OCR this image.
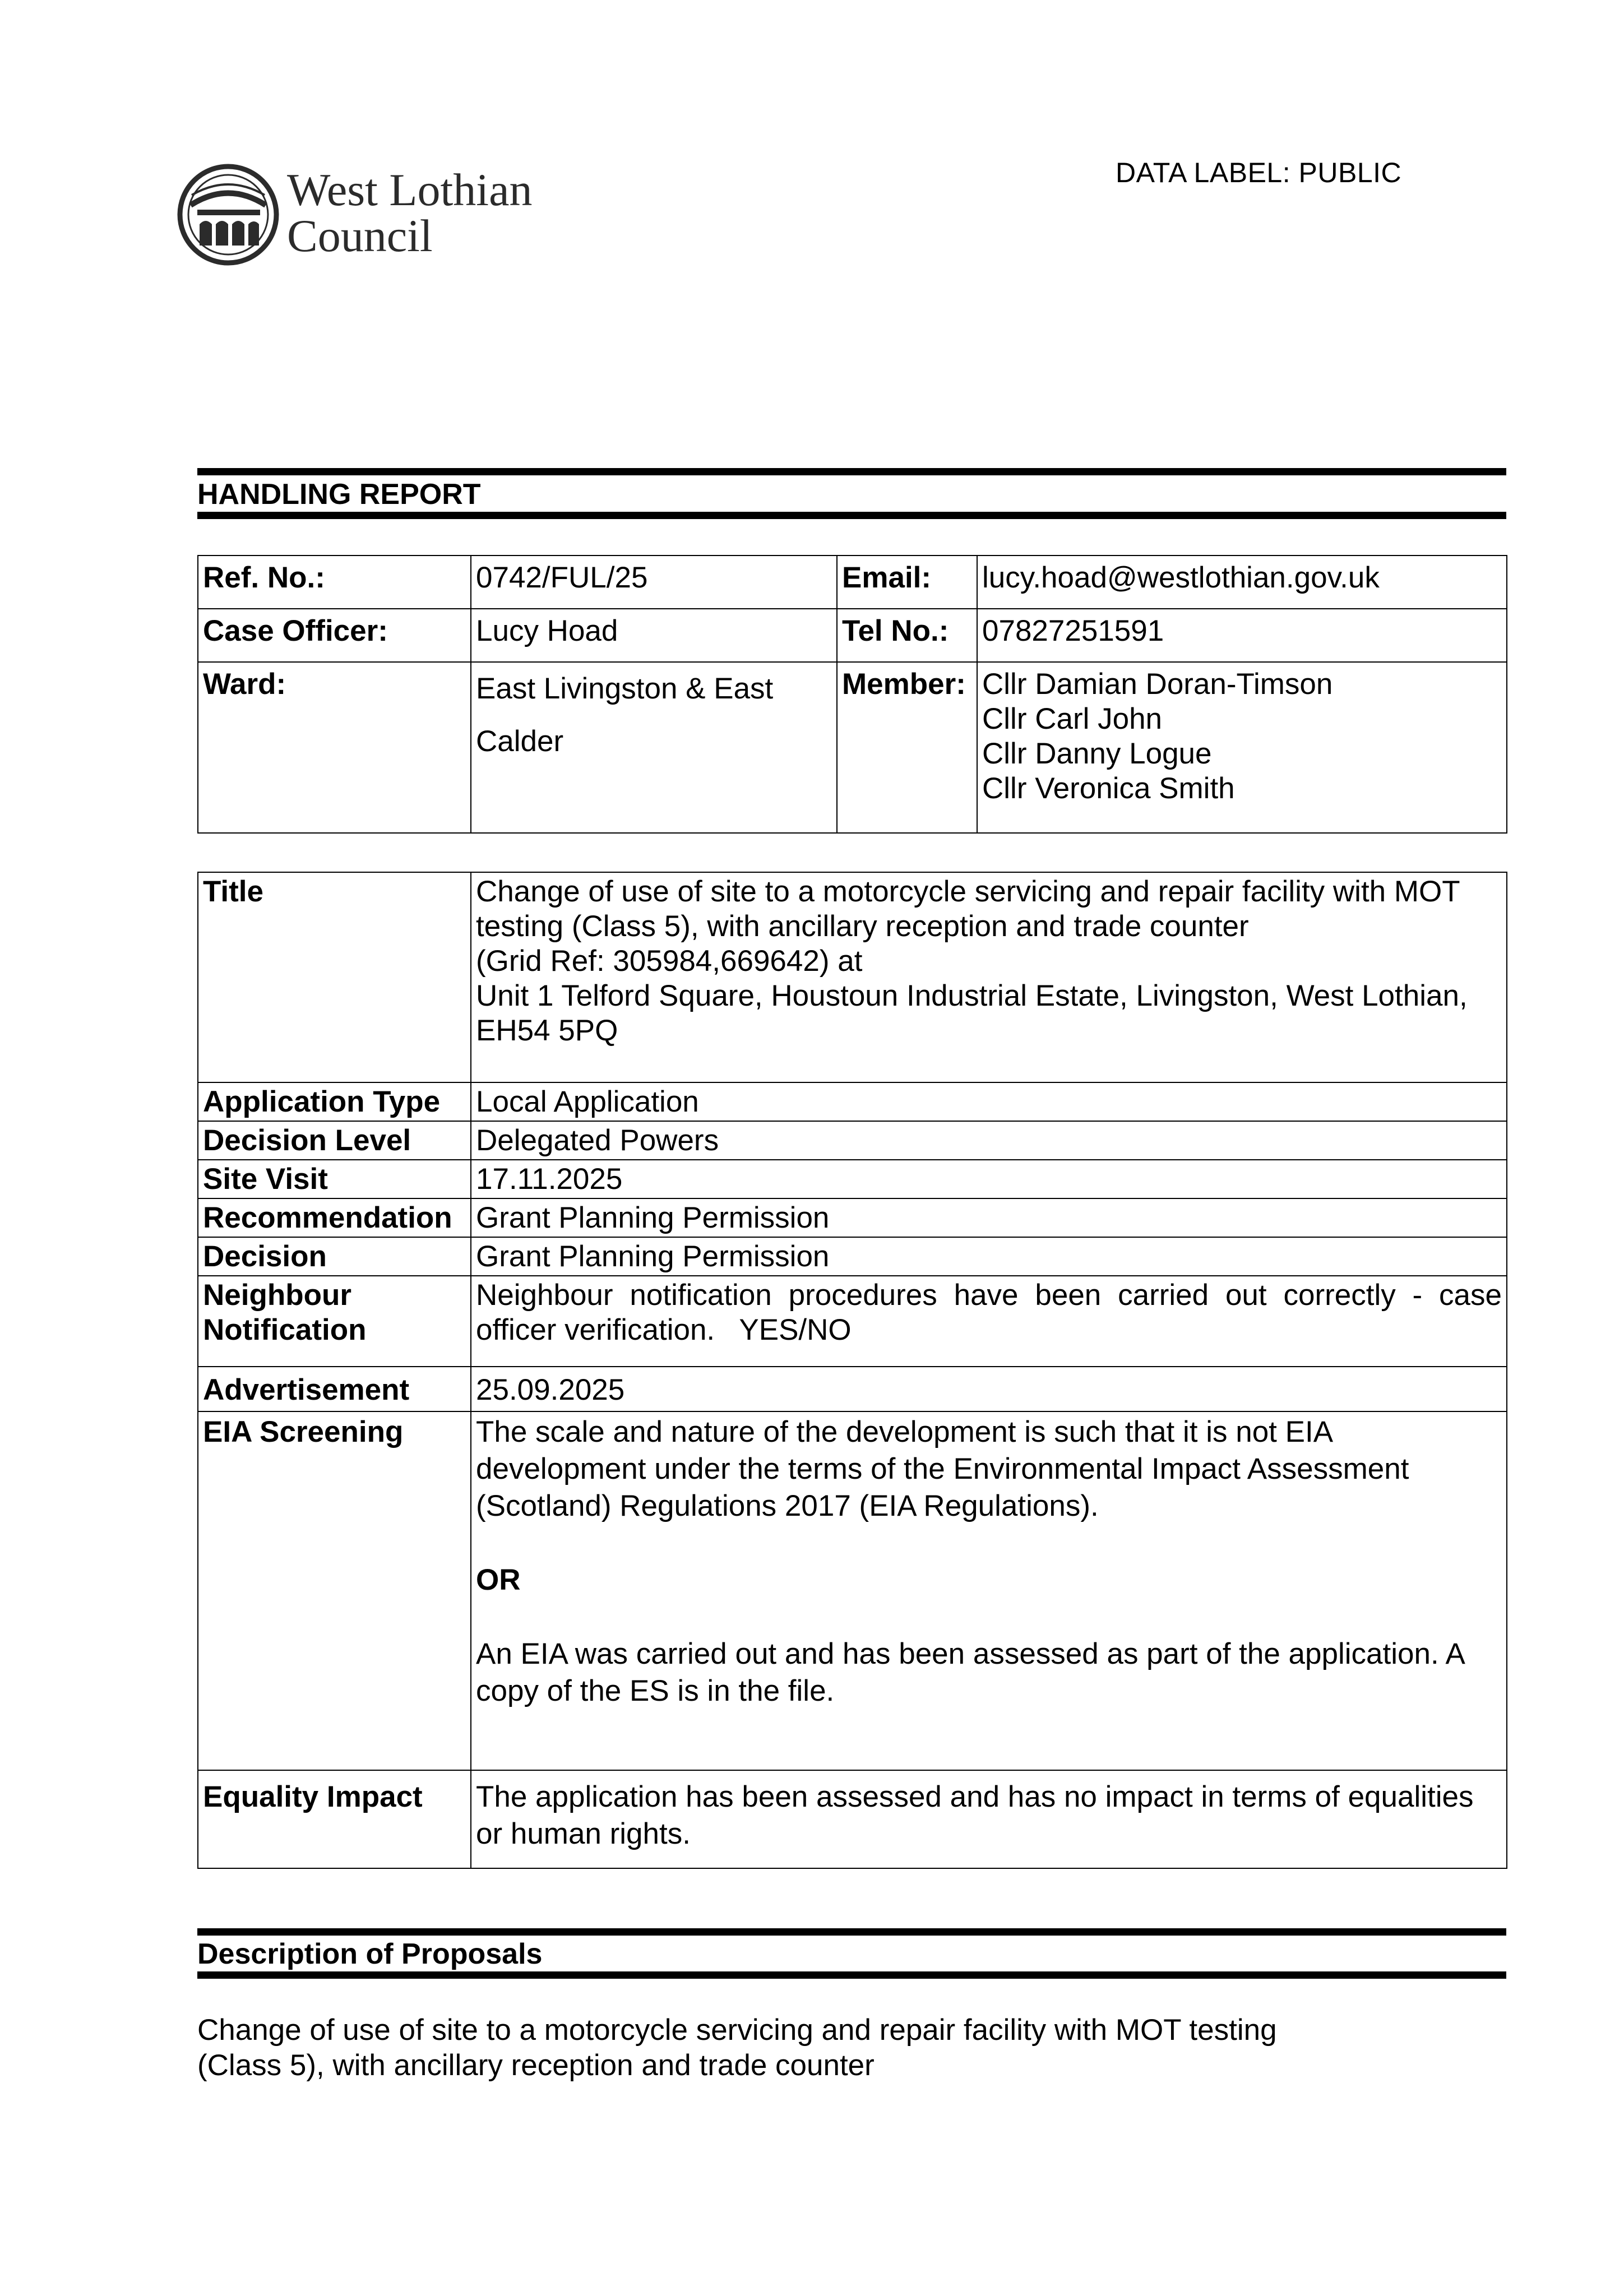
West Lothian
Council
DATA LABEL: PUBLIC
HANDLING REPORT
Ref. No.:	0742/FUL/25	Email:	lucy.hoad@westlothian.gov.uk
Case Officer:	Lucy Hoad	Tel No.:	07827251591
Ward:	East Livingston & East Calder	Member:	Cllr Damian Doran-Timson
Cllr Carl John
Cllr Danny Logue
Cllr Veronica Smith
Title	Change of use of site to a motorcycle servicing and repair facility with MOT
testing (Class 5), with ancillary reception and trade counter
(Grid Ref: 305984,669642) at
Unit 1 Telford Square, Houstoun Industrial Estate, Livingston, West Lothian,
EH54 5PQ

Application Type	Local Application
Decision Level	Delegated Powers
Site Visit	17.11.2025
Recommendation	Grant Planning Permission
Decision	Grant Planning Permission

Neighbour
Notification	Neighbour notification procedures have been carried out correctly - case officer verification.   YES/NO
Advertisement	25.09.2025
EIA Screening	The scale and nature of the development is such that it is not EIA development under the terms of the Environmental Impact Assessment (Scotland) Regulations 2017 (EIA Regulations).
OR
An EIA was carried out and has been assessed as part of the application. A copy of the ES is in the file.

Equality Impact	The application has been assessed and has no impact in terms of equalities or human rights.
Description of Proposals
Change of use of site to a motorcycle servicing and repair facility with MOT testing
(Class 5), with ancillary reception and trade counter
